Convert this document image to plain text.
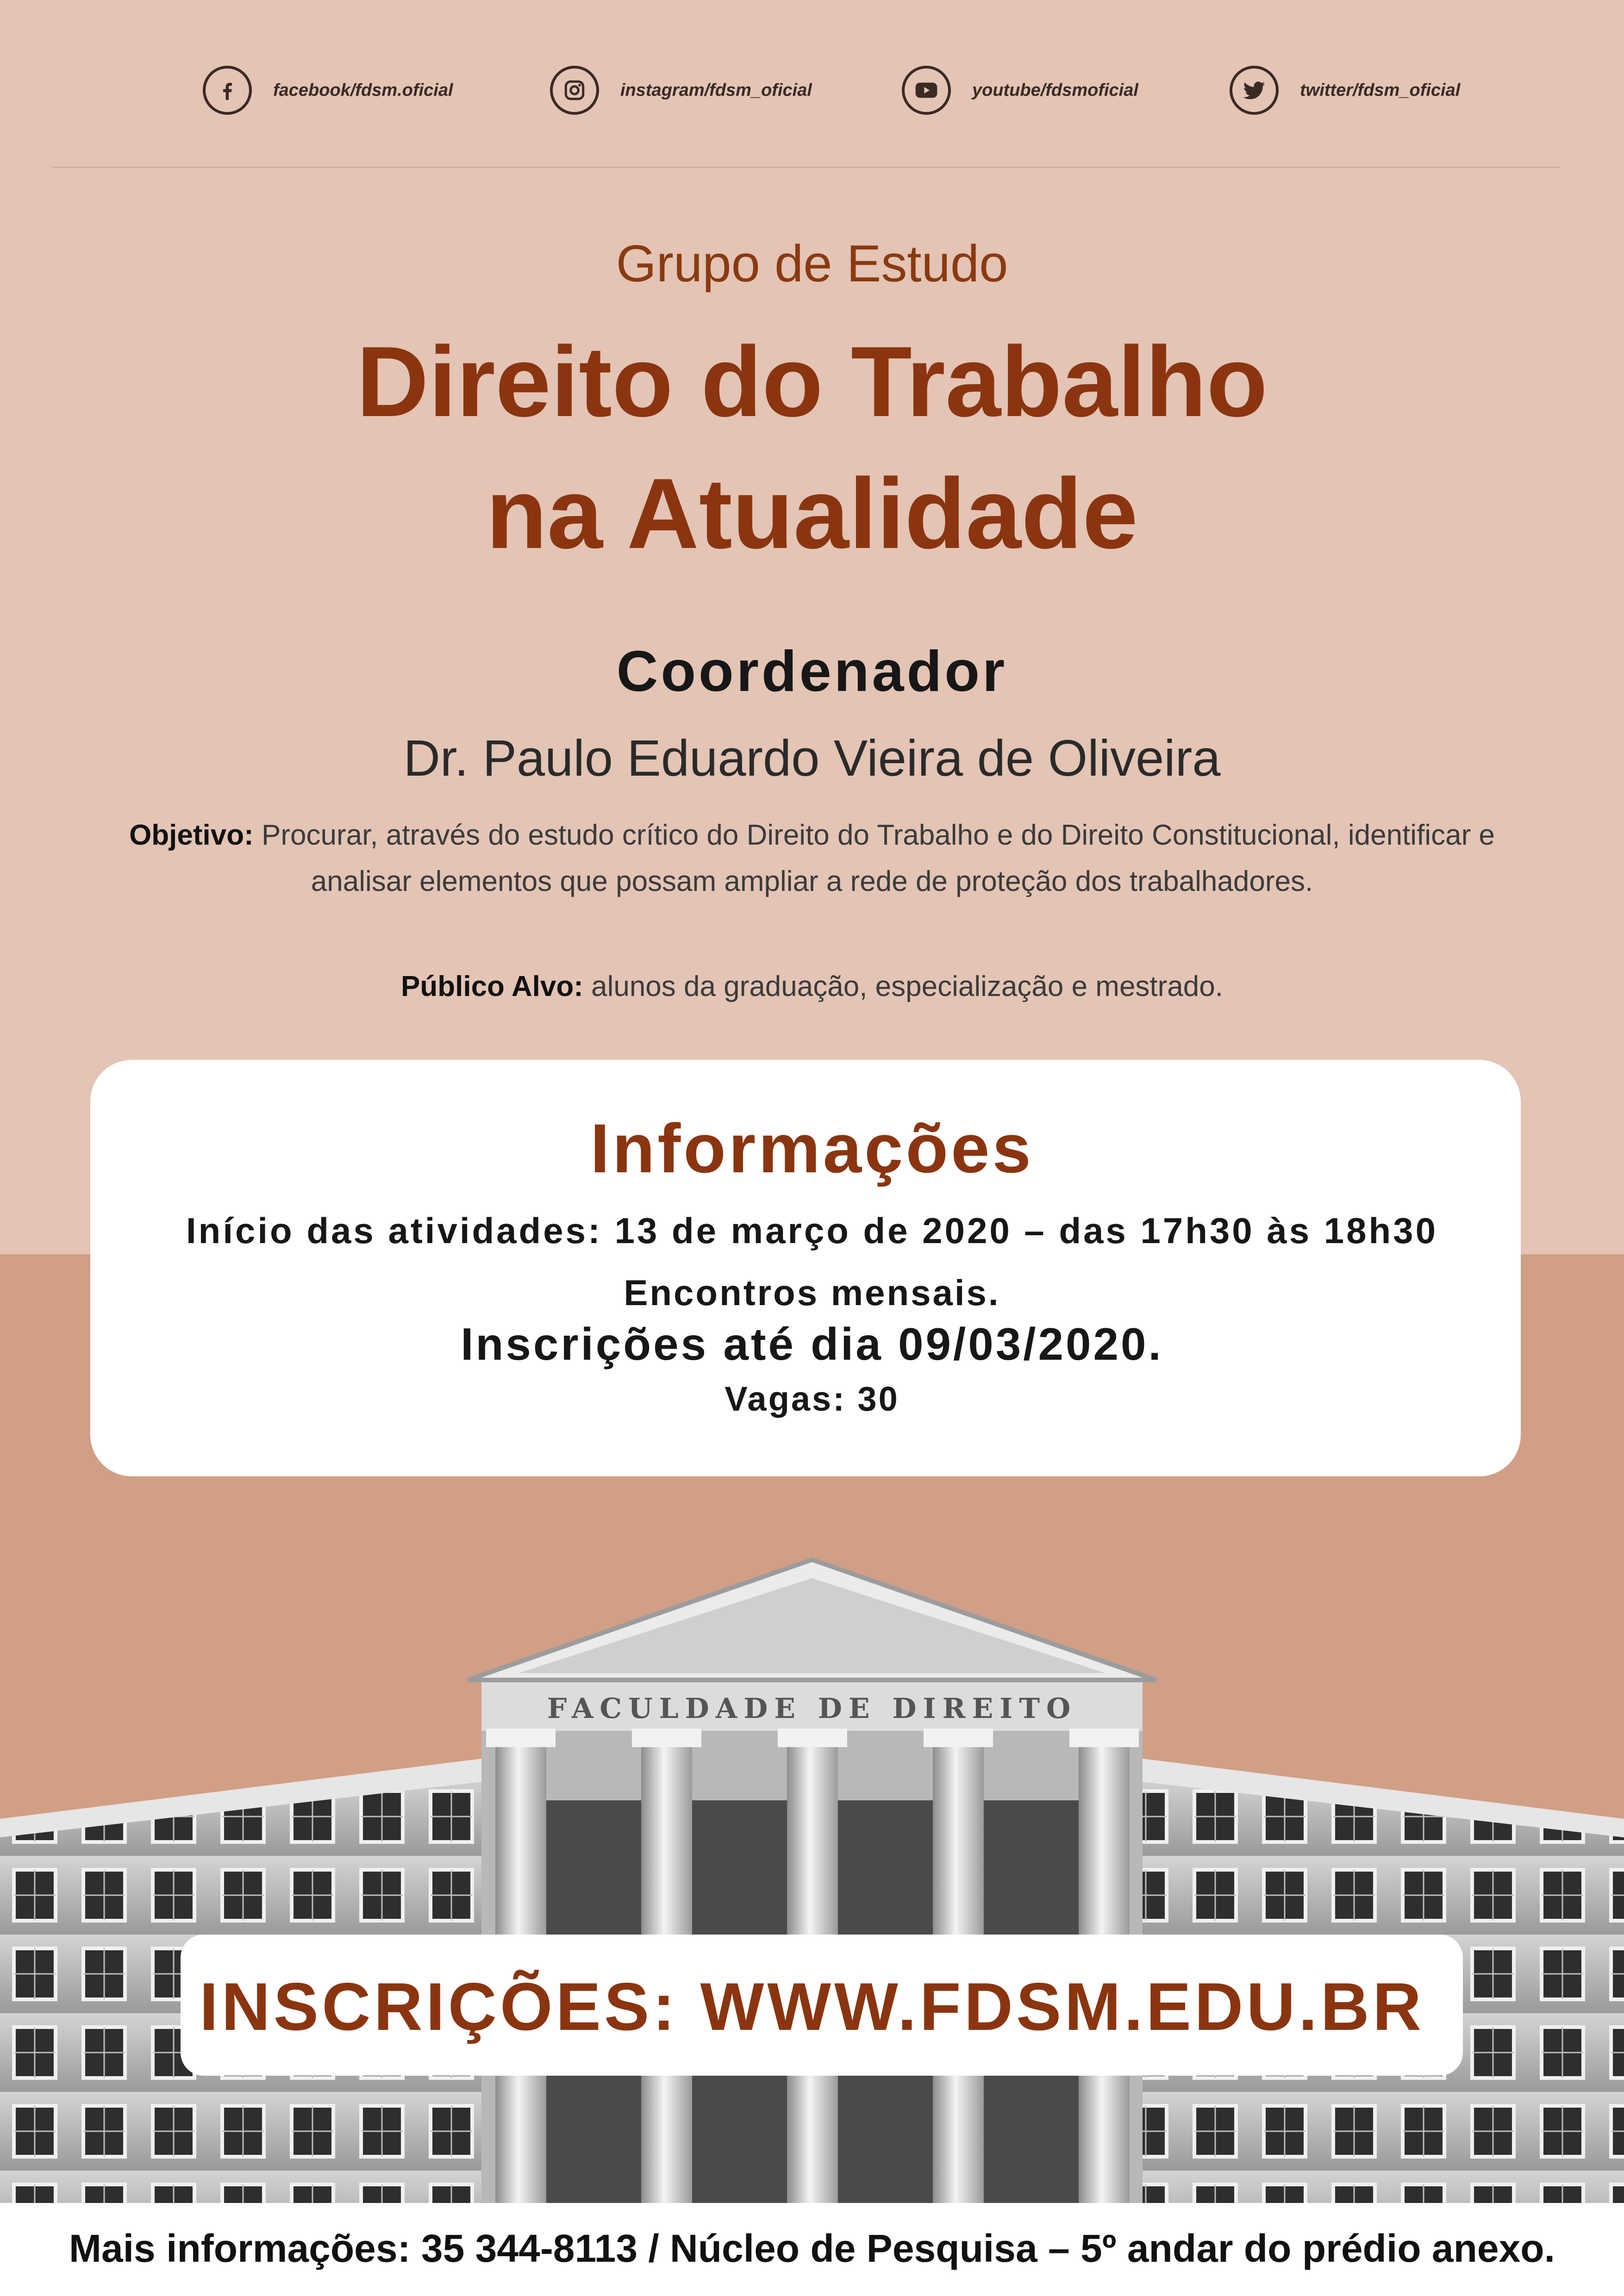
facebook/fdsm.oficial	instagram/fdsm_oficial	youtube/fdsmoficial	twitter/fdsm_oficial
Grupo de Estudo
Direito do Trabalho
na Atualidade
Coordenador
Dr. Paulo Eduardo Vieira de Oliveira
Objetivo: Procurar, através do estudo crítico do Direito do Trabalho e do Direito Constitucional, identificar e analisar elementos que possam ampliar a rede de proteção dos trabalhadores.
Público Alvo: alunos da graduação, especialização e mestrado.
Informações
Início das atividades: 13 de março de 2020 – das 17h30 às 18h30
Encontros mensais.
Inscrições até dia 09/03/2020.
Vagas: 30
FACULDADE DE DIREITO
INSCRIÇÕES: WWW.FDSM.EDU.BR
Mais informações: 35 344-8113 / Núcleo de Pesquisa – 5º andar do prédio anexo.
